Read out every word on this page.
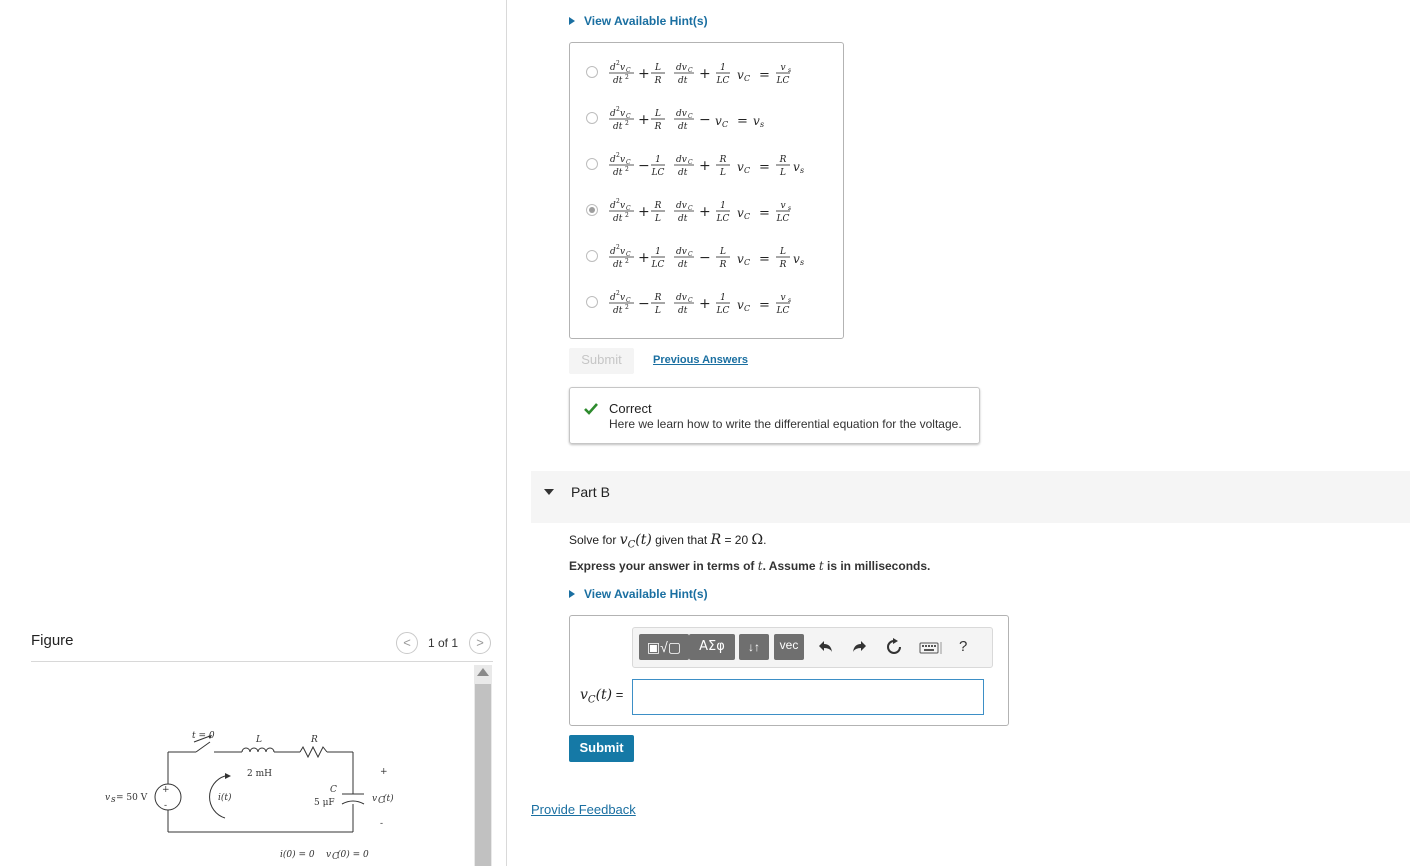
Figure	<	1 of 1	>
+
-
t = 0	L
2 mH
R
C
5 μF
v s = 50 V	i(t)
+
v C
(t)
-
i(0) = 0 v C
(0) = 0
View Available Hint(s)
d 2 v C
dt 2 + L
R
dv C
dt + 1
LC v C = v s
LC
d 2 v C
dt 2 + L
R
dv C
dt − v C = v s
d 2 v C
dt 2 − 1
LC
dv C
dt + R
L v C = R
L v s
d 2 v C
dt 2 + R
L
dv C
dt + 1
LC v C = v s
LC
d 2 v C
dt 2 + 1
LC
dv C
dt − L
R v C = L
R v s
d 2 v C
dt 2 − R
L
dv C
dt + 1
LC v C = v s
LC
Submit	Previous Answers
Correct
Here we learn how to write the differential equation for the voltage.
Part B
Solve for $v_C(t)$ given that R = 20 Ω.
Express your answer in terms of t. Assume t is in milliseconds.
View Available Hint(s)
▣√▢	ΑΣφ	↓↑	vec	?
$v_C(t)$ =
Submit
Provide Feedback
